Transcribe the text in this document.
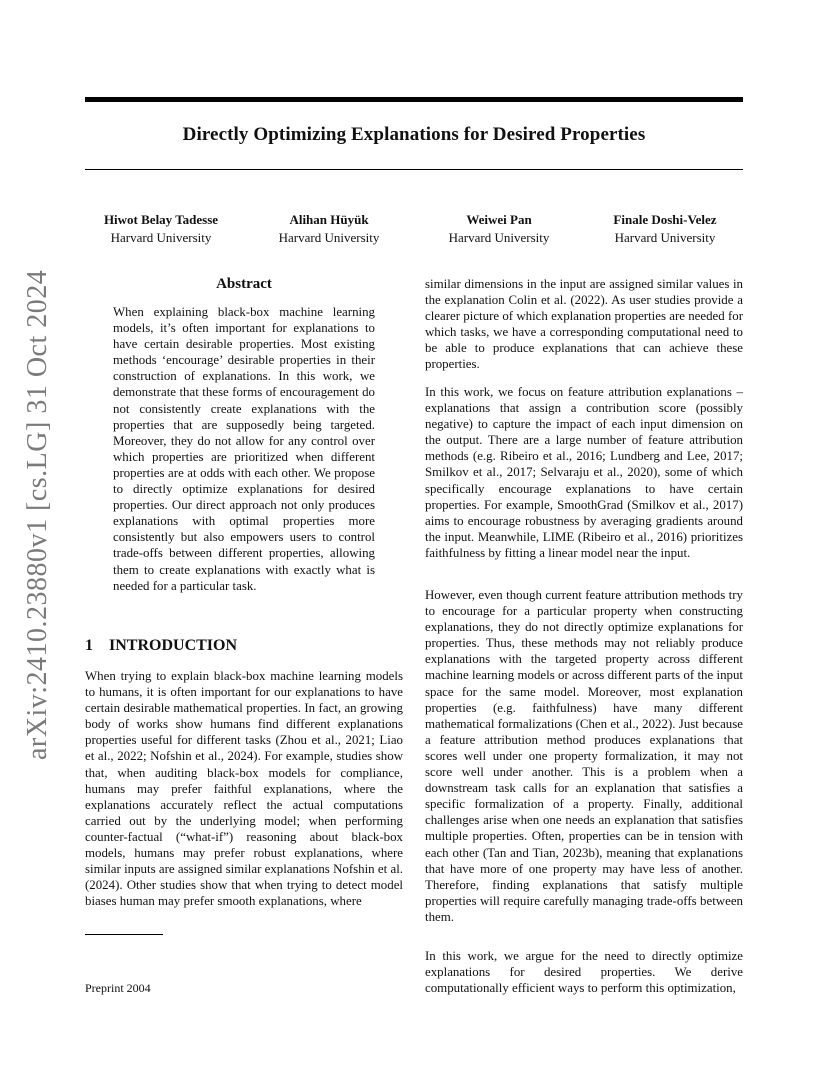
Directly Optimizing Explanations for Desired Properties
Hiwot Belay Tadesse
Harvard University
Alihan Hüyük
Harvard University
Weiwei Pan
Harvard University
Finale Doshi-Velez
Harvard University
arXiv:2410.23880v1 [cs.LG] 31 Oct 2024	Abstract
When explaining black-box machine learning models, it’s often important for explanations to have certain desirable properties. Most existing methods ‘encourage’ desirable properties in their construction of explanations. In this work, we demonstrate that these forms of encouragement do not consistently create explanations with the properties that are supposedly being targeted. Moreover, they do not allow for any control over which properties are prioritized when different properties are at odds with each other. We propose to directly optimize explanations for desired properties. Our direct approach not only produces explanations with optimal properties more consistently but also empowers users to control trade-offs between different properties, allowing them to create explanations with exactly what is needed for a particular task.
1 INTRODUCTION
When trying to explain black-box machine learning models to humans, it is often important for our explanations to have certain desirable mathematical properties. In fact, an growing body of works show humans find different explanations properties useful for different tasks (Zhou et al., 2021; Liao et al., 2022; Nofshin et al., 2024). For example, studies show that, when auditing black-box models for compliance, humans may prefer faithful explanations, where the explanations accurately reflect the actual computations carried out by the underlying model; when performing counter-factual (“what-if”) reasoning about black-box models, humans may prefer robust explanations, where similar inputs are assigned similar explanations Nofshin et al. (2024). Other studies show that when trying to detect model biases human may prefer smooth explanations, where
Preprint 2004
similar dimensions in the input are assigned similar values in the explanation Colin et al. (2022). As user studies provide a clearer picture of which explanation properties are needed for which tasks, we have a corresponding computational need to be able to produce explanations that can achieve these properties.
In this work, we focus on feature attribution explanations – explanations that assign a contribution score (possibly negative) to capture the impact of each input dimension on the output. There are a large number of feature attribution methods (e.g. Ribeiro et al., 2016; Lundberg and Lee, 2017; Smilkov et al., 2017; Selvaraju et al., 2020), some of which specifically encourage explanations to have certain properties. For example, SmoothGrad (Smilkov et al., 2017) aims to encourage robustness by averaging gradients around the input. Meanwhile, LIME (Ribeiro et al., 2016) prioritizes faithfulness by fitting a linear model near the input.
However, even though current feature attribution methods try to encourage for a particular property when constructing explanations, they do not directly optimize explanations for properties. Thus, these methods may not reliably produce explanations with the targeted property across different machine learning models or across different parts of the input space for the same model. Moreover, most explanation properties (e.g. faithfulness) have many different mathematical formalizations (Chen et al., 2022). Just because a feature attribution method produces explanations that scores well under one property formalization, it may not score well under another. This is a problem when a downstream task calls for an explanation that satisfies a specific formalization of a property. Finally, additional challenges arise when one needs an explanation that satisfies multiple properties. Often, properties can be in tension with each other (Tan and Tian, 2023b), meaning that explanations that have more of one property may have less of another. Therefore, finding explanations that satisfy multiple properties will require carefully managing trade-offs between them.
In this work, we argue for the need to directly optimize explanations for desired properties. We derive computationally efficient ways to perform this optimization,
